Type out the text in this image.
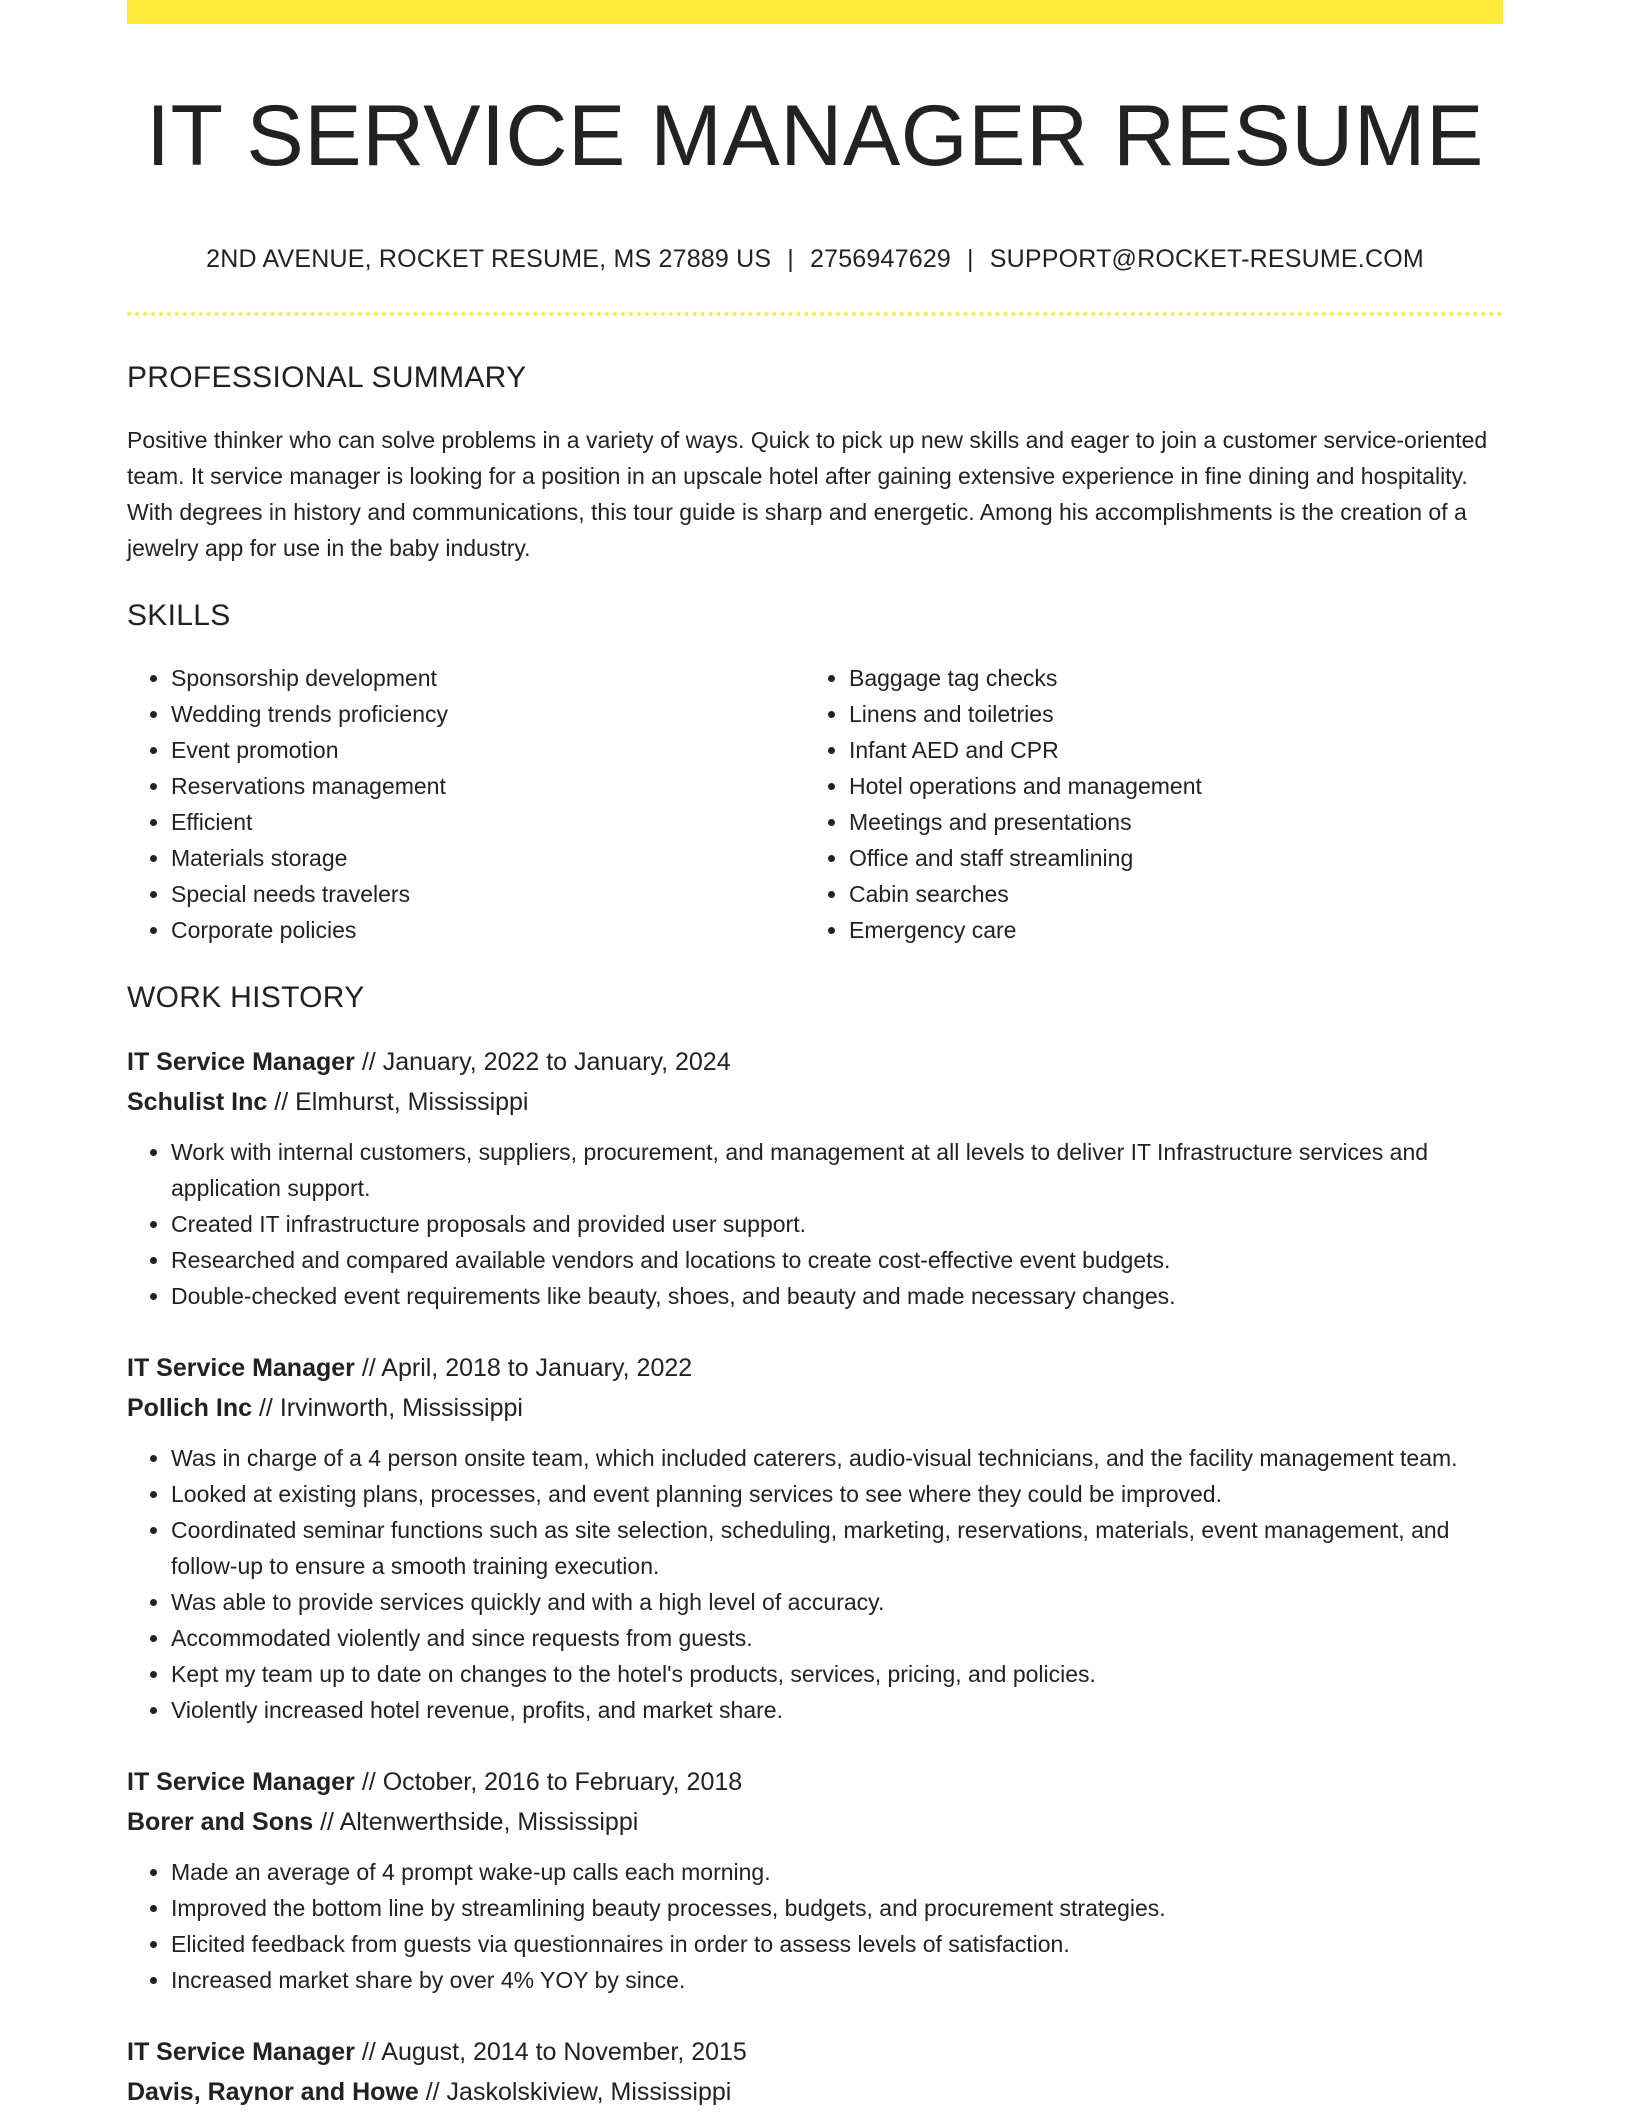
IT SERVICE MANAGER RESUME
2ND AVENUE, ROCKET RESUME, MS 27889 US | 2756947629 | SUPPORT@ROCKET-RESUME.COM
PROFESSIONAL SUMMARY

Positive thinker who can solve problems in a variety of ways. Quick to pick up new skills and eager to join a customer service-oriented team. It service manager is looking for a position in an upscale hotel after gaining extensive experience in fine dining and hospitality. With degrees in history and communications, this tour guide is sharp and energetic. Among his accomplishments is the creation of a jewelry app for use in the baby industry.

SKILLS
• Sponsorship development
• Wedding trends proficiency
• Event promotion
• Reservations management
• Efficient
• Materials storage
• Special needs travelers
• Corporate policies
• Baggage tag checks
• Linens and toiletries
• Infant AED and CPR
• Hotel operations and management
• Meetings and presentations
• Office and staff streamlining
• Cabin searches
• Emergency care
WORK HISTORY
IT Service Manager // January, 2022 to January, 2024
Schulist Inc // Elmhurst, Mississippi
• Work with internal customers, suppliers, procurement, and management at all levels to deliver IT Infrastructure services and application support.
• Created IT infrastructure proposals and provided user support.
• Researched and compared available vendors and locations to create cost-effective event budgets.
• Double-checked event requirements like beauty, shoes, and beauty and made necessary changes.
IT Service Manager // April, 2018 to January, 2022
Pollich Inc // Irvinworth, Mississippi
• Was in charge of a 4 person onsite team, which included caterers, audio-visual technicians, and the facility management team.
• Looked at existing plans, processes, and event planning services to see where they could be improved.
• Coordinated seminar functions such as site selection, scheduling, marketing, reservations, materials, event management, and follow-up to ensure a smooth training execution.
• Was able to provide services quickly and with a high level of accuracy.
• Accommodated violently and since requests from guests.
• Kept my team up to date on changes to the hotel's products, services, pricing, and policies.
• Violently increased hotel revenue, profits, and market share.
IT Service Manager // October, 2016 to February, 2018
Borer and Sons // Altenwerthside, Mississippi
• Made an average of 4 prompt wake-up calls each morning.
• Improved the bottom line by streamlining beauty processes, budgets, and procurement strategies.
• Elicited feedback from guests via questionnaires in order to assess levels of satisfaction.
• Increased market share by over 4% YOY by since.
IT Service Manager // August, 2014 to November, 2015
Davis, Raynor and Howe // Jaskolskiview, Mississippi
